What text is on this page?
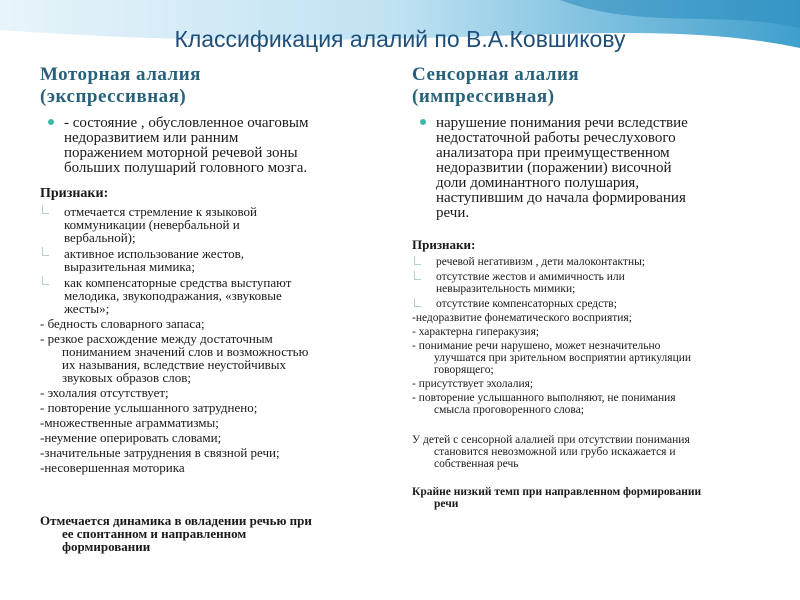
Классификация алалий по В.А.Ковшикову
Моторная алалия
(экспрессивная)
- состояние , обусловленное очаговым
недоразвитием или ранним
поражением моторной речевой зоны
больших полушарий головного мозга.
Признаки:
отмечается стремление к языковой
коммуникации (невербальной и
вербальной);
активное использование жестов,
выразительная мимика;
как компенсаторные средства выступают
мелодика, звукоподражания, «звуковые
жесты»;
- бедность словарного запаса;
- резкое расхождение между достаточным
пониманием значений слов и возможностью
их называния, вследствие неустойчивых
звуковых образов слов;
- эхолалия отсутствует;
- повторение услышанного затруднено;
-множественные аграмматизмы;
-неумение оперировать словами;
-значительные затруднения в связной речи;
-несовершенная моторика
Отмечается динамика в овладении речью при
ее спонтанном и направленном
формировании
Сенсорная алалия
(импрессивная)
нарушение понимания речи вследствие
недостаточной работы речеслухового
анализатора при преимущественном
недоразвитии (поражении) височной
доли доминантного полушария,
наступившим до начала формирования
речи.
Признаки:
речевой негативизм , дети малоконтактны;
отсутствие жестов и амимичность или
невыразительность мимики;
отсутствие компенсаторных средств;
-недоразвитие фонематического восприятия;
- характерна гиперакузия;
- понимание речи нарушено, может незначительно
улучшатся при зрительном восприятии артикуляции
говорящего;
- присутствует эхолалия;
- повторение услышанного выполняют, не понимания
смысла проговоренного слова;
У детей с сенсорной алалией при отсутствии понимания
становится невозможной или грубо искажается и
собственная речь
Крайне низкий темп при направленном формировании
речи
